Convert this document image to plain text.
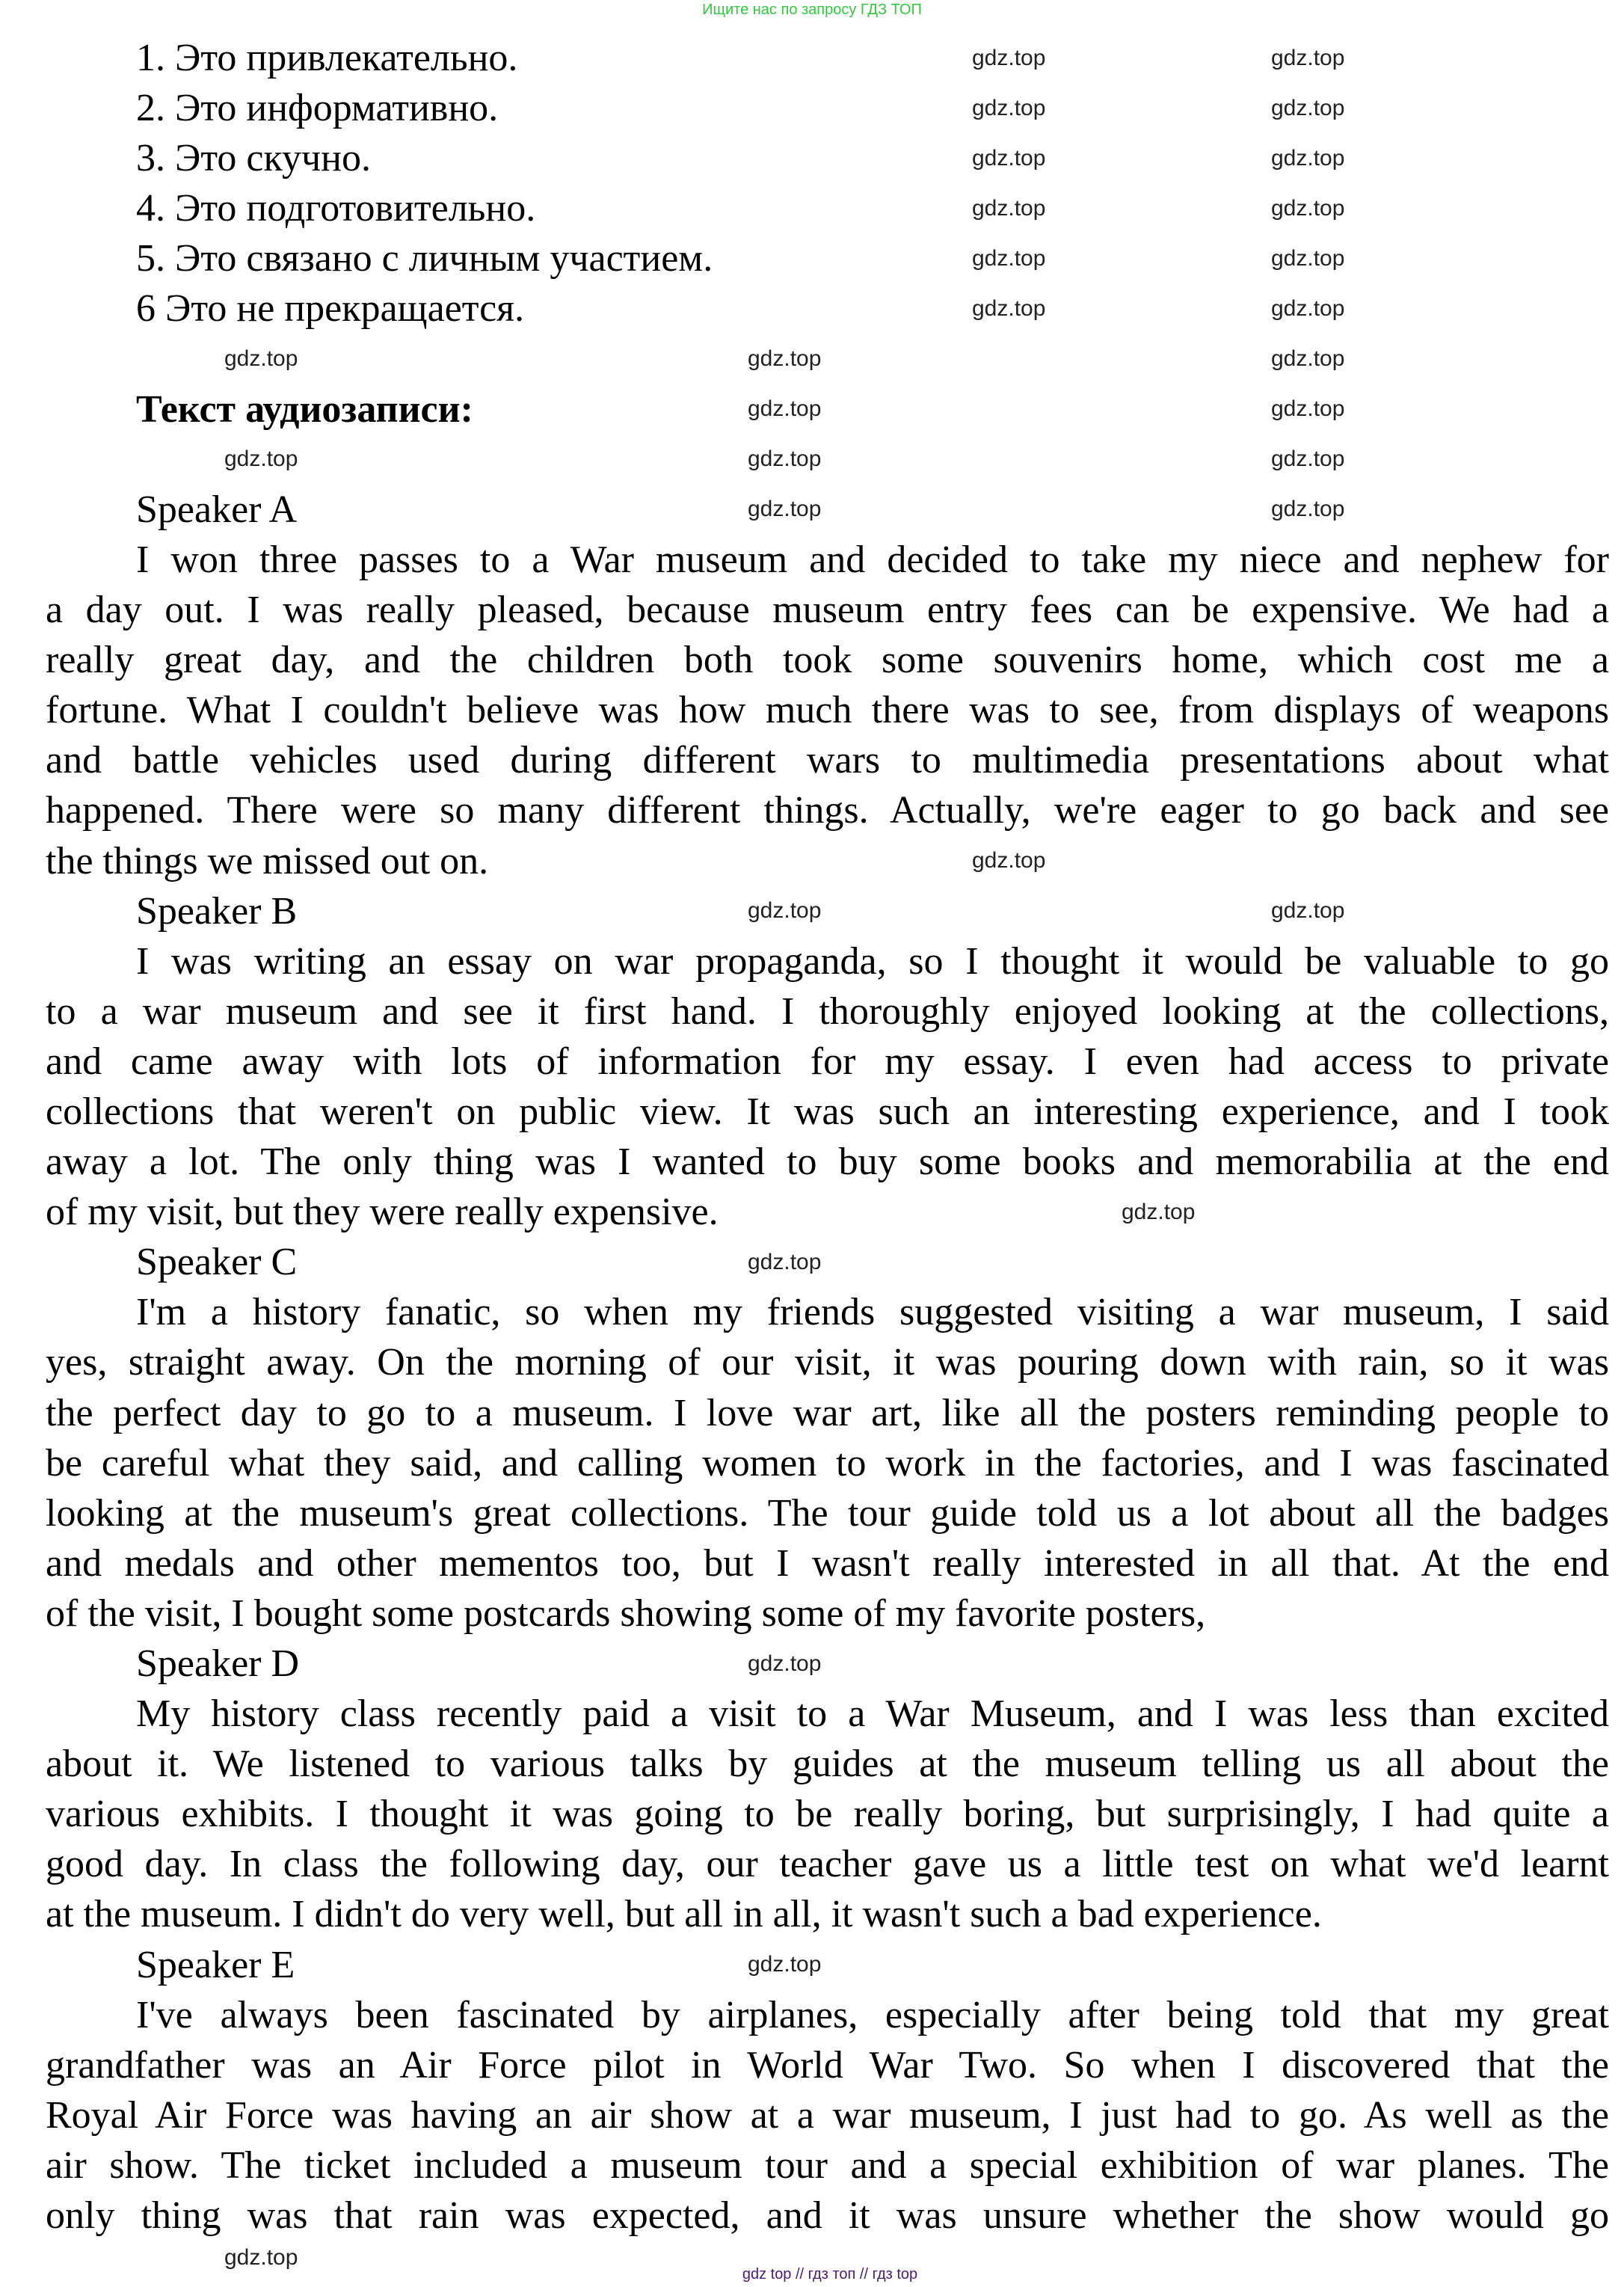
Ищите нас по запросу ГДЗ ТОП
1. Это привлекательно.
2. Это информативно.
3. Это скучно.
4. Это подготовительно.
5. Это связано с личным участием.
6 Это не прекращается.
Текст аудиозаписи:
Speaker A
I won three passes to a War museum and decided to take my niece and nephew for
a day out. I was really pleased, because museum entry fees can be expensive. We had a
really great day, and the children both took some souvenirs home, which cost me a
fortune. What I couldn't believe was how much there was to see, from displays of weapons
and battle vehicles used during different wars to multimedia presentations about what
happened. There were so many different things. Actually, we're eager to go back and see
the things we missed out on.
Speaker B
I was writing an essay on war propaganda, so I thought it would be valuable to go
to a war museum and see it first hand. I thoroughly enjoyed looking at the collections,
and came away with lots of information for my essay. I even had access to private
collections that weren't on public view. It was such an interesting experience, and I took
away a lot. The only thing was I wanted to buy some books and memorabilia at the end
of my visit, but they were really expensive.
Speaker C
I'm a history fanatic, so when my friends suggested visiting a war museum, I said
yes, straight away. On the morning of our visit, it was pouring down with rain, so it was
the perfect day to go to a museum. I love war art, like all the posters reminding people to
be careful what they said, and calling women to work in the factories, and I was fascinated
looking at the museum's great collections. The tour guide told us a lot about all the badges
and medals and other mementos too, but I wasn't really interested in all that. At the end
of the visit, I bought some postcards showing some of my favorite posters,
Speaker D
My history class recently paid a visit to a War Museum, and I was less than excited
about it. We listened to various talks by guides at the museum telling us all about the
various exhibits. I thought it was going to be really boring, but surprisingly, I had quite a
good day. In class the following day, our teacher gave us a little test on what we'd learnt
at the museum. I didn't do very well, but all in all, it wasn't such a bad experience.
Speaker E
I've always been fascinated by airplanes, especially after being told that my great
grandfather was an Air Force pilot in World War Two. So when I discovered that the
Royal Air Force was having an air show at a war museum, I just had to go. As well as the
air show. The ticket included a museum tour and a special exhibition of war planes. The
only thing was that rain was expected, and it was unsure whether the show would go
gdz.top	gdz.top
gdz.top	gdz.top
gdz.top	gdz.top
gdz.top	gdz.top
gdz.top	gdz.top
gdz.top	gdz.top
gdz.top	gdz.top	gdz.top
gdz.top	gdz.top
gdz.top	gdz.top	gdz.top
gdz.top	gdz.top
gdz.top
gdz.top	gdz.top
gdz.top
gdz.top
gdz.top
gdz.top
gdz.top
gdz top // гдз топ // гдз top
